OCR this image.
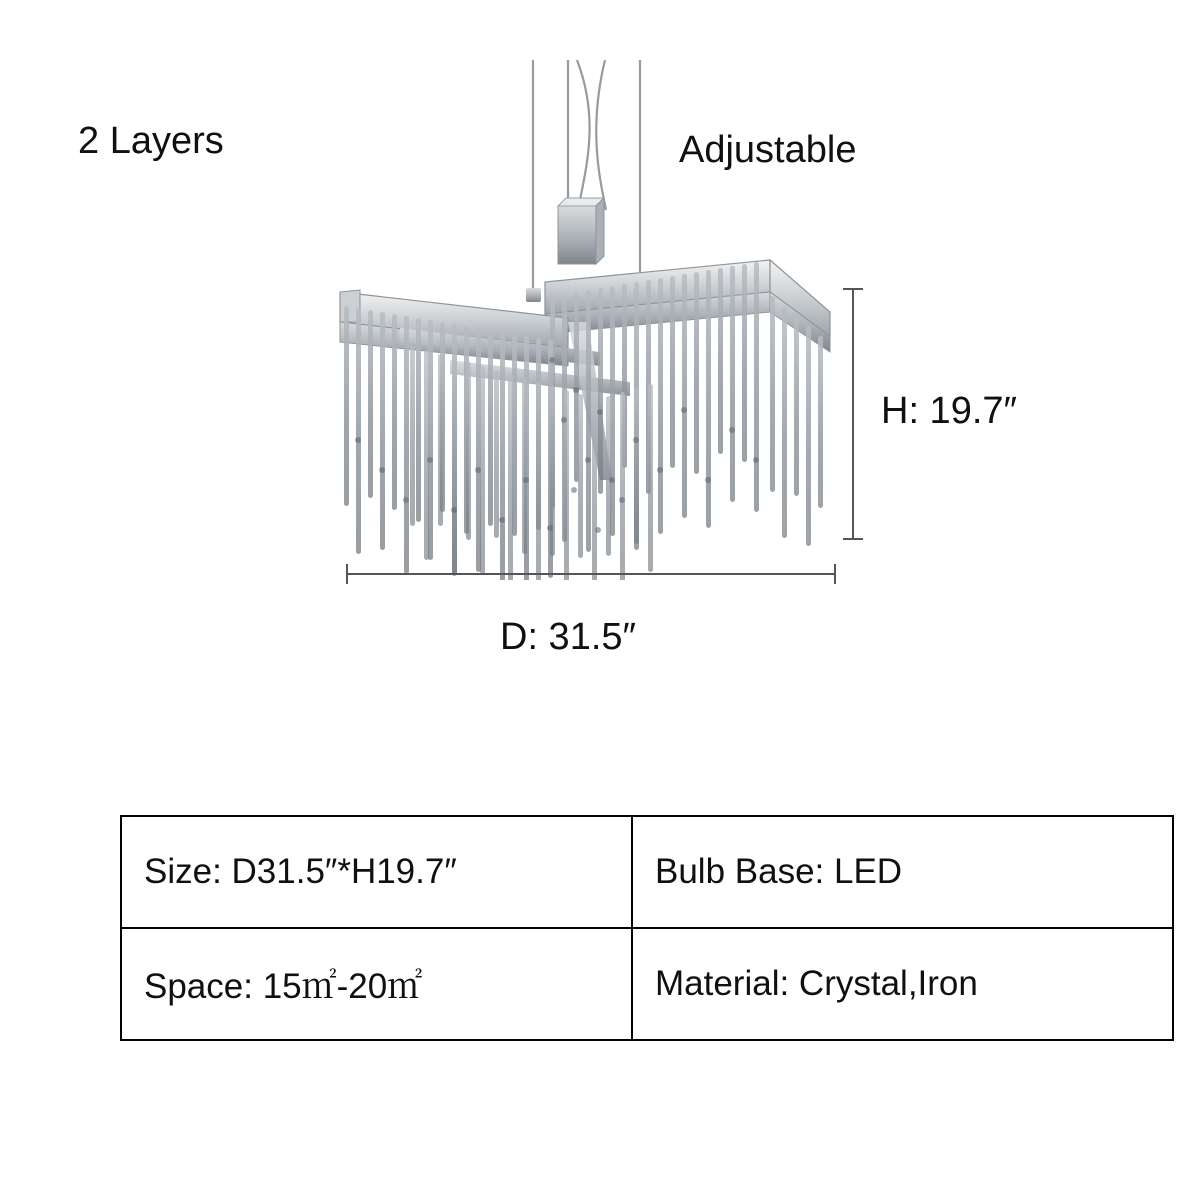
2 Layers	Adjustable
H: 19.7″
D: 31.5″
Size: D31.5″*H19.7″	Bulb Base: LED
Space: 15㎡-20㎡	Material: Crystal,Iron
